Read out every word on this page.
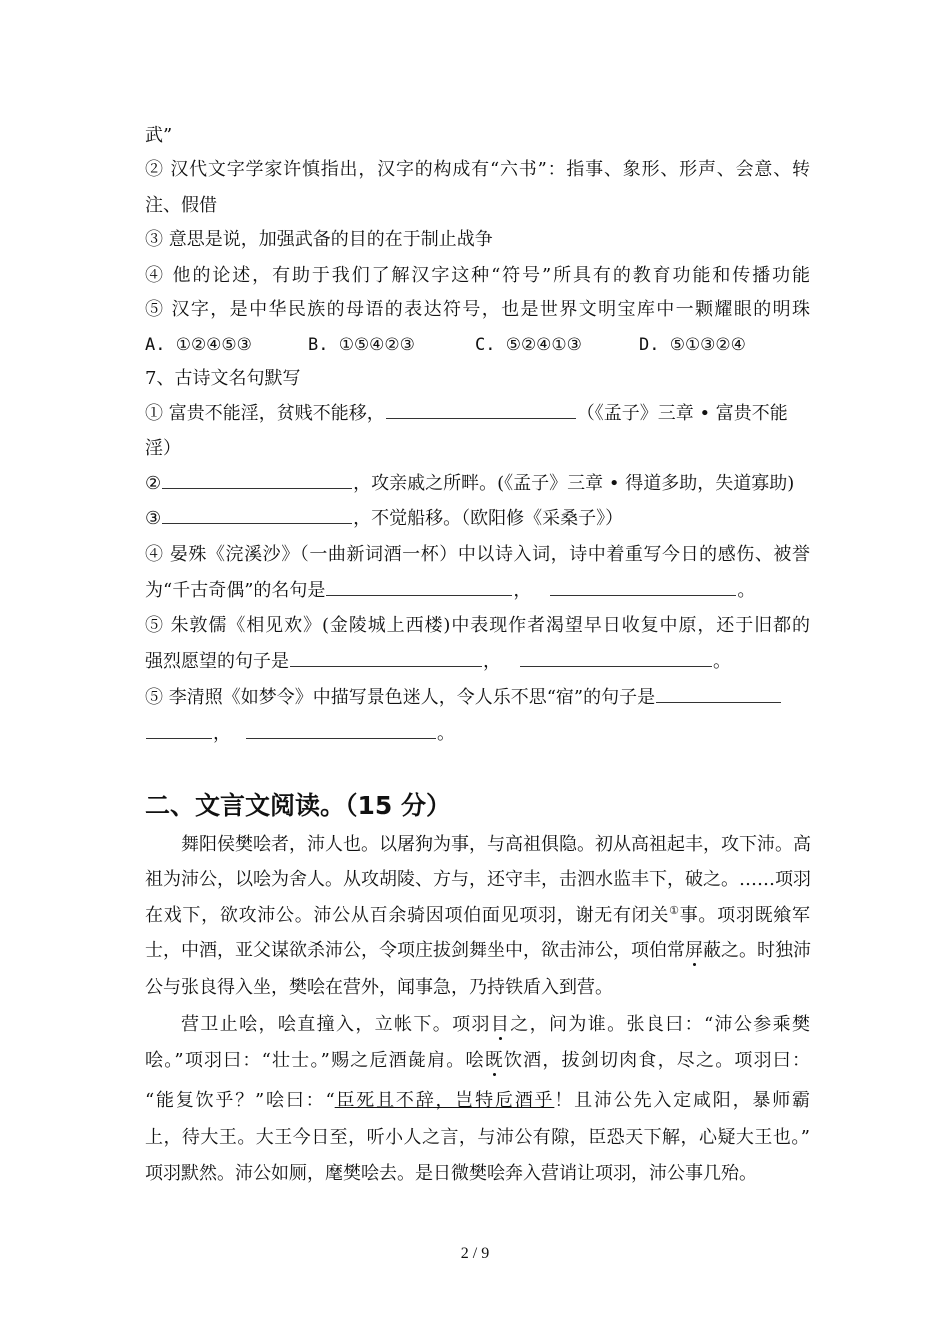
武”
② 汉代文字学家许慎指出，汉字的构成有“六书”：指事、象形、形声、会意、转
注、假借
③ 意思是说，加强武备的目的在于制止战争
④ 他的论述，有助于我们了解汉字这种“符号”所具有的教育功能和传播功能
⑤ 汉字，是中华民族的母语的表达符号，也是世界文明宝库中一颗耀眼的明珠
A. ①②④⑤③	B. ①⑤④②③	C. ⑤②④①③	D. ⑤①③②④
7、古诗文名句默写
① 富贵不能淫，贫贱不能移，	（《孟子》三章 • 富贵不能
淫）
②	，攻亲戚之所畔。(《孟子》三章 • 得道多助，失道寡助)
③	，不觉船移。（欧阳修《采桑子》）
④ 晏殊《浣溪沙》（一曲新词酒一杯）中以诗入词，诗中着重写今日的感伤、被誉
为“千古奇偶”的名句是	，	。
⑤ 朱敦儒《相见欢》(金陵城上西楼)中表现作者渴望早日收复中原，还于旧都的
强烈愿望的句子是	，	。
⑤ 李清照《如梦令》中描写景色迷人，令人乐不思“宿”的句子是
，	。
二、文言文阅读。（15 分）
舞阳侯樊哙者，沛人也。以屠狗为事，与高祖俱隐。初从高祖起丰，攻下沛。高
祖为沛公，以哙为舍人。从攻胡陵、方与，还守丰，击泗水监丰下，破之。……项羽
在戏下，欲攻沛公。沛公从百余骑因项伯面见项羽，谢无有闭关①事。项羽既飨军
士，中酒，亚父谋欲杀沛公，令项庄拔剑舞坐中，欲击沛公，项伯常屏蔽之。时独沛
公与张良得入坐，樊哙在营外，闻事急，乃持铁盾入到营。
营卫止哙，哙直撞入，立帐下。项羽目之，问为谁。张良曰：“沛公参乘樊
哙。”项羽曰：“壮士。”赐之卮酒彘肩。哙既饮酒，拔剑切肉食，尽之。项羽曰：
“能复饮乎？”哙曰：“臣死且不辞，岂特卮酒乎！且沛公先入定咸阳，暴师霸
上，待大王。大王今日至，听小人之言，与沛公有隙，臣恐天下解，心疑大王也。”
项羽默然。沛公如厕，麾樊哙去。是日微樊哙奔入营诮让项羽，沛公事几殆。
2 / 9
